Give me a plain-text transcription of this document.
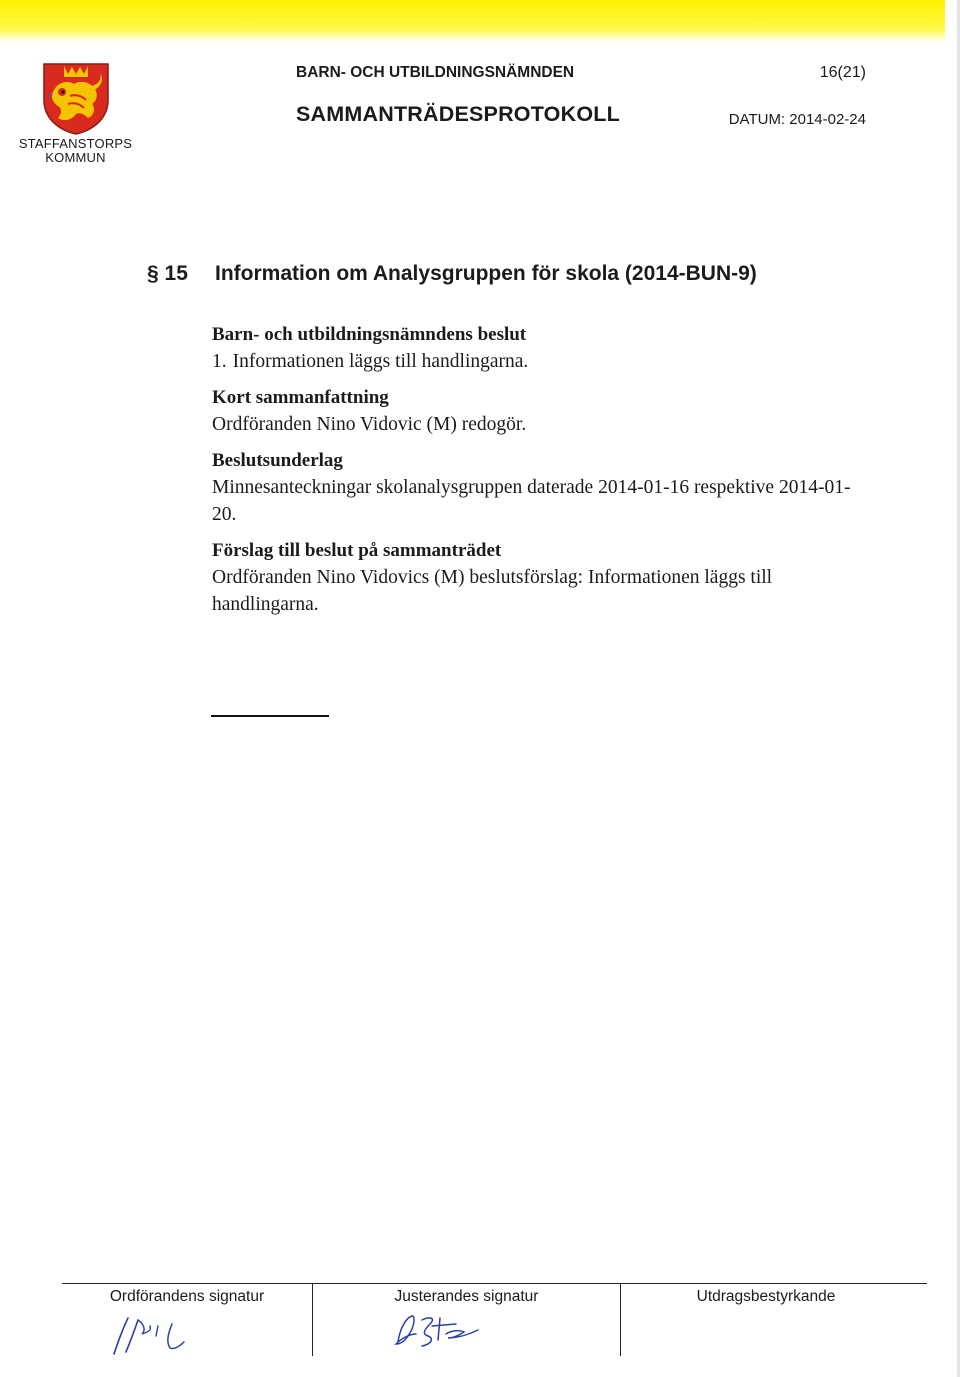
STAFFANSTORPS
KOMMUN
BARN- OCH UTBILDNINGSNÄMNDEN	16(21)
SAMMANTRÄDESPROTOKOLL	DATUM: 2014-02-24
§ 15 Information om Analysgruppen för skola (2014-BUN-9)
Barn- och utbildningsnämndens beslut
1. Informationen läggs till handlingarna.
Kort sammanfattning
Ordföranden Nino Vidovic (M) redogör.
Beslutsunderlag
Minnesanteckningar skolanalysgruppen daterade 2014-01-16 respektive 2014-01-20.
Förslag till beslut på sammanträdet
Ordföranden Nino Vidovics (M) beslutsförslag: Informationen läggs till handlingarna.
Ordförandens signatur	Justerandes signatur	Utdragsbestyrkande
